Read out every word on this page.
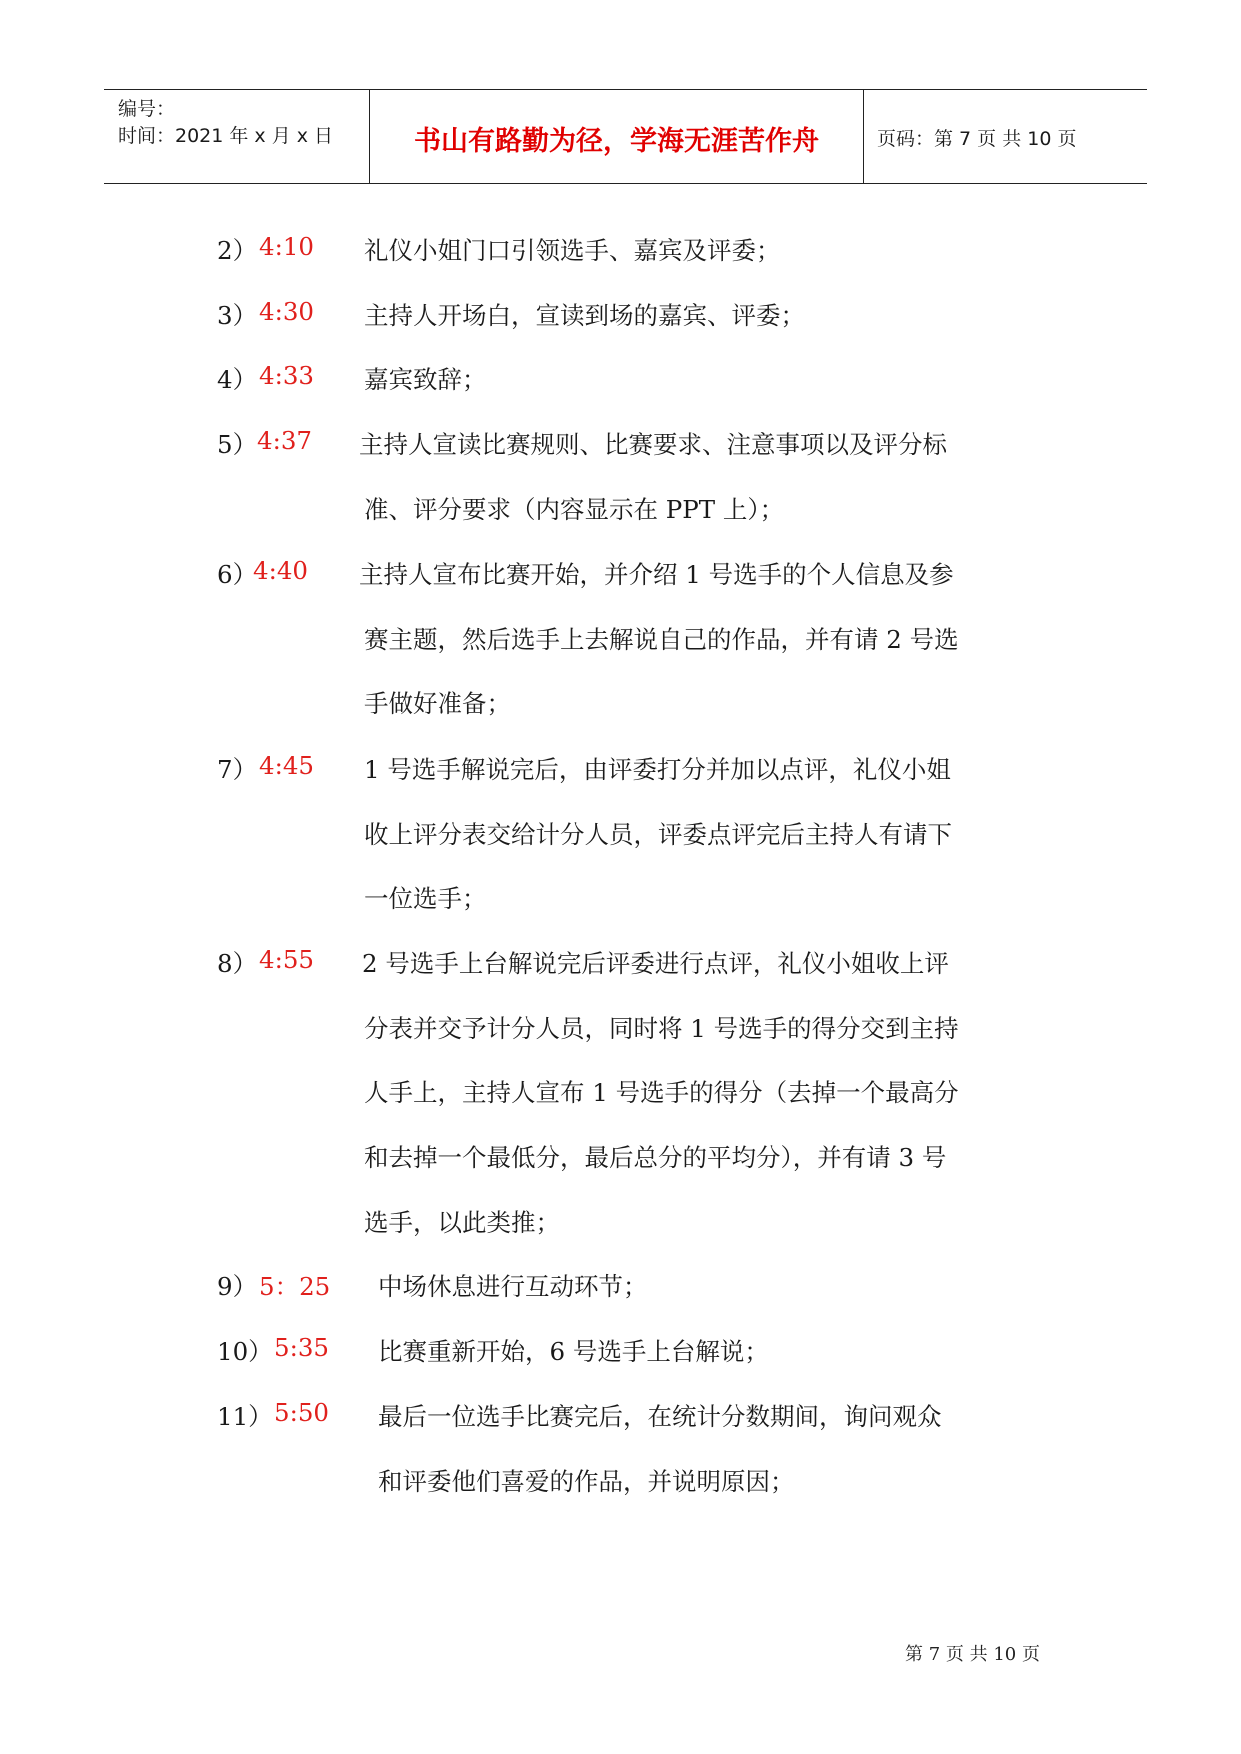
编号：
时间：2021 年 x 月 x 日	书山有路勤为径，学海无涯苦作舟	页码：第 7 页 共 10 页
2） 4:10 礼仪小姐门口引领选手、嘉宾及评委；
3） 4:30 主持人开场白，宣读到场的嘉宾、评委；
4） 4:33 嘉宾致辞；
5） 4:37 主持人宣读比赛规则、比赛要求、注意事项以及评分标
准、评分要求（内容显示在 PPT 上）；
6）
4:40 主持人宣布比赛开始，并介绍 1 号选手的个人信息及参
赛主题，然后选手上去解说自己的作品，并有请 2 号选
手做好准备；
7） 4:45 1 号选手解说完后，由评委打分并加以点评，礼仪小姐
收上评分表交给计分人员，评委点评完后主持人有请下
一位选手；
8） 4:55 2 号选手上台解说完后评委进行点评，礼仪小姐收上评
分表并交予计分人员，同时将 1 号选手的得分交到主持
人手上，主持人宣布 1 号选手的得分（去掉一个最高分
和去掉一个最低分，最后总分的平均分），并有请 3 号
选手，以此类推；
9） 5：25 中场休息进行互动环节；
10） 5:35 比赛重新开始，6 号选手上台解说；
11） 5:50 最后一位选手比赛完后，在统计分数期间，询问观众
和评委他们喜爱的作品，并说明原因；
第 7 页 共 10 页
